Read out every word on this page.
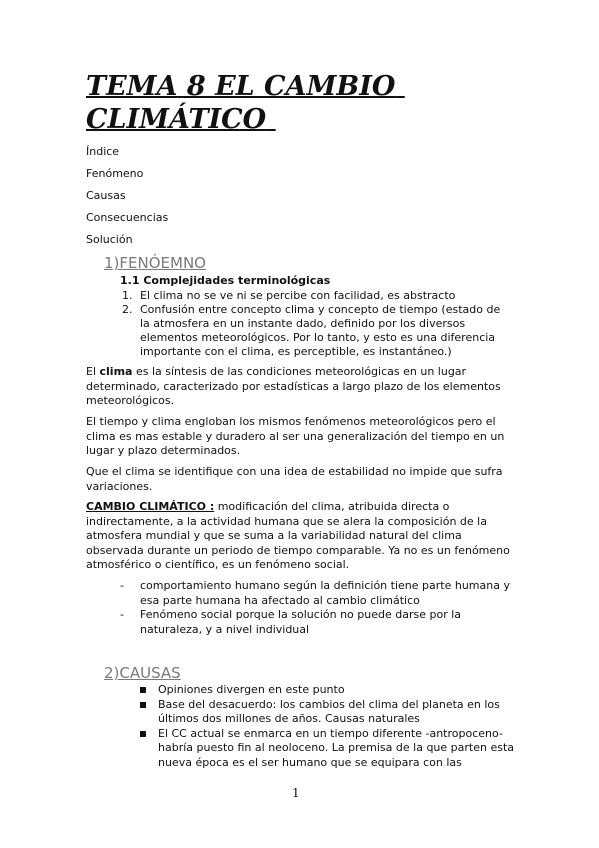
TEMA 8 EL CAMBIO
CLIMÁTICO
Índice
Fenómeno
Causas
Consecuencias
Solución
1)FENÓEMNO
1.1 Complejidades terminológicas
1. El clima no se ve ni se percibe con facilidad, es abstracto
2. Confusión entre concepto clima y concepto de tiempo (estado de la atmosfera en un instante dado, definido por los diversos elementos meteorológicos. Por lo tanto, y esto es una diferencia importante con el clima, es perceptible, es instantáneo.)

El clima es la síntesis de las condiciones meteorológicas en un lugar determinado, caracterizado por estadísticas a largo plazo de los elementos meteorológicos.

El tiempo y clima engloban los mismos fenómenos meteorológicos pero el clima es mas estable y duradero al ser una generalización del tiempo en un lugar y plazo determinados.

Que el clima se identifique con una idea de estabilidad no impide que sufra variaciones.

CAMBIO CLIMÁTICO : modificación del clima, atribuida directa o indirectamente, a la actividad humana que se alera la composición de la atmosfera mundial y que se suma a la variabilidad natural del clima observada durante un periodo de tiempo comparable. Ya no es un fenómeno atmosférico o científico, es un fenómeno social.

-	comportamiento humano según la definición tiene parte humana y esa parte humana ha afectado al cambio climático
-	Fenómeno social porque la solución no puede darse por la naturaleza, y a nivel individual
2)CAUSAS
Opiniones divergen en este punto
Base del desacuerdo: los cambios del clima del planeta en los últimos dos millones de años. Causas naturales
El CC actual se enmarca en un tiempo diferente -antropoceno- habría puesto fin al neoloceno. La premisa de la que parten esta nueva época es el ser humano que se equipara con las
1
